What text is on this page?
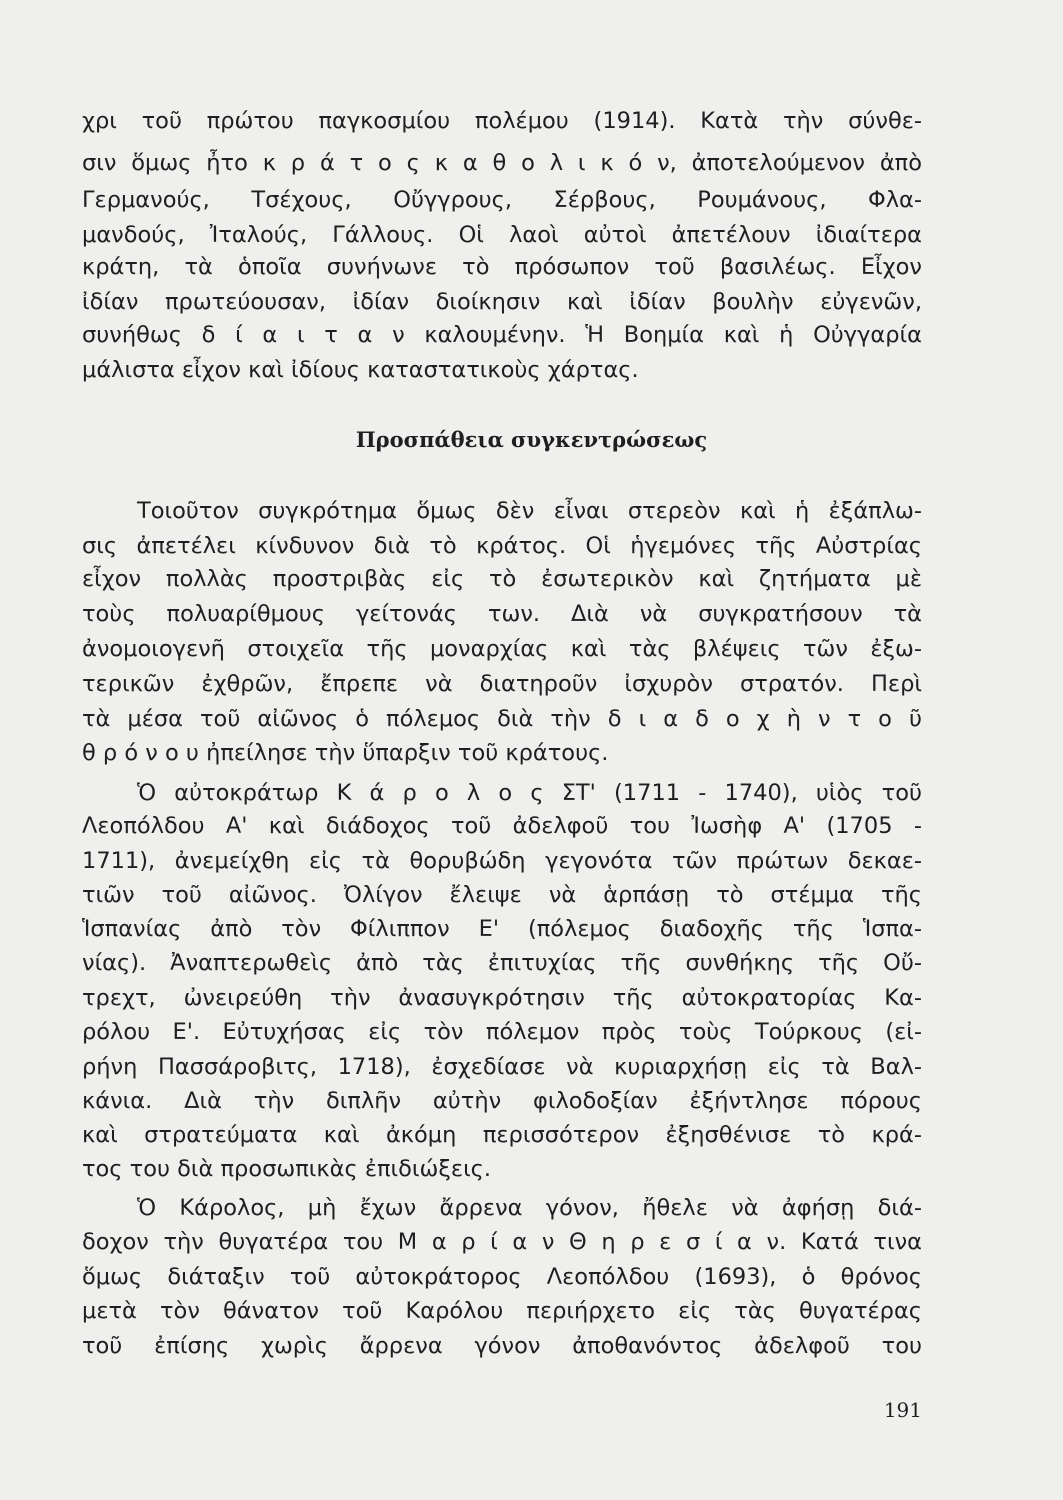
χρι τοῦ πρώτου παγκοσμίου πολέμου (1914). Κατὰ τὴν σύνθε-

σιν ὅμως ἦτο κ ρ ά τ ο ς κ α θ ο λ ι κ ό ν, ἀποτελούμενον ἀπὸ

Γερμανούς, Τσέχους, Οὔγγρους, Σέρβους, Ρουμάνους, Φλα-

μανδούς, Ἰταλούς, Γάλλους. Οἱ λαοὶ αὐτοὶ ἀπετέλουν ἰδιαίτερα

κράτη, τὰ ὁποῖα συνήνωνε τὸ πρόσωπον τοῦ βασιλέως. Εἶχον

ἰδίαν πρωτεύουσαν, ἰδίαν διοίκησιν καὶ ἰδίαν βουλὴν εὐγενῶν,

συνήθως δ ί α ι τ α ν καλουμένην. Ἡ Βοημία καὶ ἡ Οὐγγαρία

μάλιστα εἶχον καὶ ἰδίους καταστατικοὺς χάρτας.

Προσπάθεια συγκεντρώσεως

Τοιοῦτον συγκρότημα ὅμως δὲν εἶναι στερεὸν καὶ ἡ ἐξάπλω-

σις ἀπετέλει κίνδυνον διὰ τὸ κράτος. Οἱ ἡγεμόνες τῆς Αὐστρίας

εἶχον πολλὰς προστριβὰς εἰς τὸ ἐσωτερικὸν καὶ ζητήματα μὲ

τοὺς πολυαρίθμους γείτονάς των. Διὰ νὰ συγκρατήσουν τὰ

ἀνομοιογενῆ στοιχεῖα τῆς μοναρχίας καὶ τὰς βλέψεις τῶν ἐξω-

τερικῶν ἐχθρῶν, ἔπρεπε νὰ διατηροῦν ἰσχυρὸν στρατόν. Περὶ

τὰ μέσα τοῦ αἰῶνος ὁ πόλεμος διὰ τὴν δ ι α δ ο χ ὴ ν τ ο ῦ

θ ρ ό ν ο υ ἠπείλησε τὴν ὕπαρξιν τοῦ κράτους.

Ὁ αὐτοκράτωρ Κ ά ρ ο λ ο ς ΣΤ' (1711 - 1740), υἱὸς τοῦ

Λεοπόλδου Α' καὶ διάδοχος τοῦ ἀδελφοῦ του Ἰωσὴφ Α' (1705 -

1711), ἀνεμείχθη εἰς τὰ θορυβώδη γεγονότα τῶν πρώτων δεκαε-

τιῶν τοῦ αἰῶνος. Ὀλίγον ἔλειψε νὰ ἁρπάσῃ τὸ στέμμα τῆς

Ἱσπανίας ἀπὸ τὸν Φίλιππον Ε' (πόλεμος διαδοχῆς τῆς Ἱσπα-

νίας). Ἀναπτερωθεὶς ἀπὸ τὰς ἐπιτυχίας τῆς συνθήκης τῆς Οὔ-

τρεχτ, ὠνειρεύθη τὴν ἀνασυγκρότησιν τῆς αὐτοκρατορίας Κα-

ρόλου Ε'. Εὐτυχήσας εἰς τὸν πόλεμον πρὸς τοὺς Τούρκους (εἰ-

ρήνη Πασσάροβιτς, 1718), ἐσχεδίασε νὰ κυριαρχήσῃ εἰς τὰ Βαλ-

κάνια. Διὰ τὴν διπλῆν αὐτὴν φιλοδοξίαν ἐξήντλησε πόρους

καὶ στρατεύματα καὶ ἀκόμη περισσότερον ἐξησθένισε τὸ κρά-

τος του διὰ προσωπικὰς ἐπιδιώξεις.

Ὁ Κάρολος, μὴ ἔχων ἄρρενα γόνον, ἤθελε νὰ ἀφήσῃ διά-

δοχον τὴν θυγατέρα του Μ α ρ ί α ν Θ η ρ ε σ ί α ν. Κατά τινα

ὅμως διάταξιν τοῦ αὐτοκράτορος Λεοπόλδου (1693), ὁ θρόνος

μετὰ τὸν θάνατον τοῦ Καρόλου περιήρχετο εἰς τὰς θυγατέρας

τοῦ ἐπίσης χωρὶς ἄρρενα γόνον ἀποθανόντος ἀδελφοῦ του

191
